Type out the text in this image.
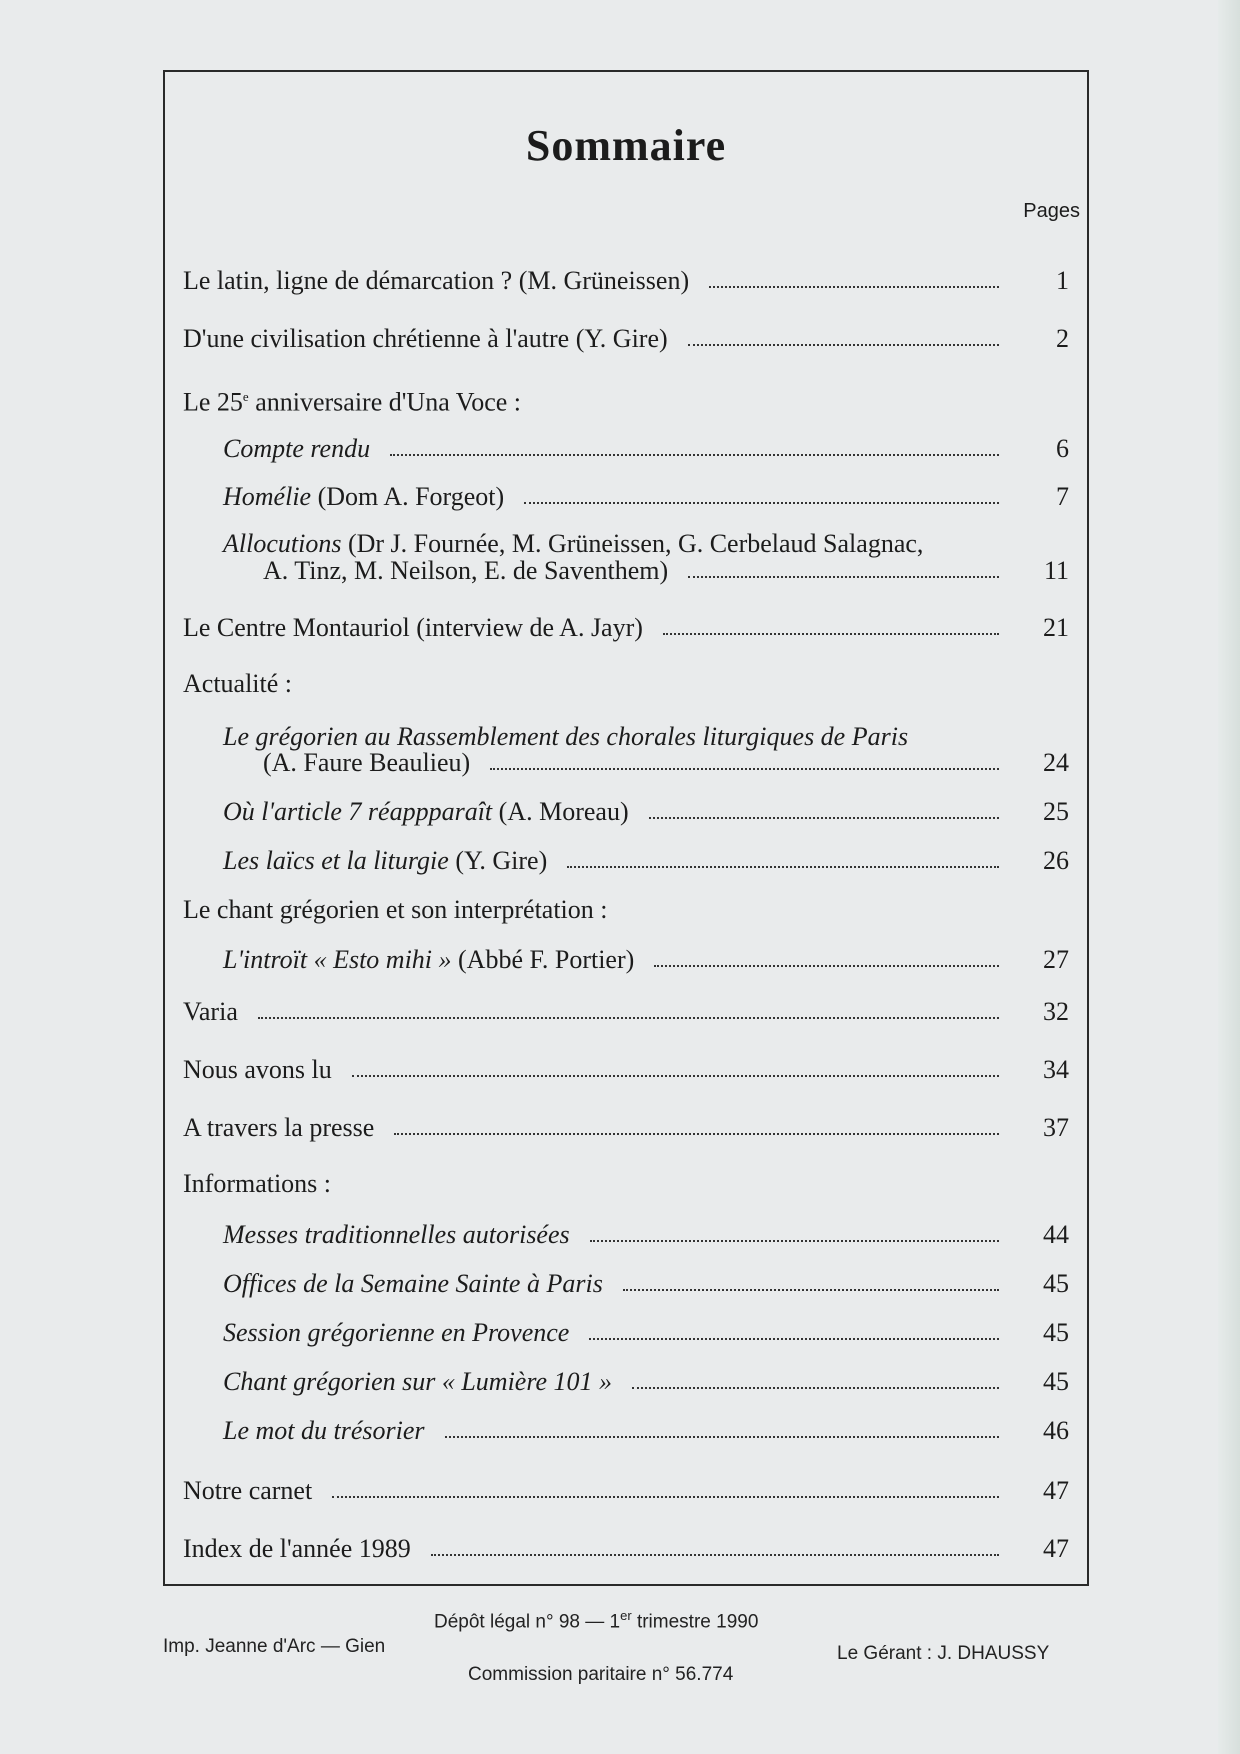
Sommaire
Pages
Le latin, ligne de démarcation ? (M. Grüneissen)	1
D'une civilisation chrétienne à l'autre (Y. Gire)	2
Le 25e anniversaire d'Una Voce :
Compte rendu	6
Homélie (Dom A. Forgeot)	7
Allocutions (Dr J. Fournée, M. Grüneissen, G. Cerbelaud Salagnac,
A. Tinz, M. Neilson, E. de Saventhem)	11
Le Centre Montauriol (interview de A. Jayr)	21
Actualité :
Le grégorien au Rassemblement des chorales liturgiques de Paris
(A. Faure Beaulieu)	24
Où l'article 7 réappparaît (A. Moreau)	25
Les laïcs et la liturgie (Y. Gire)	26
Le chant grégorien et son interprétation :
L'introït « Esto mihi » (Abbé F. Portier)	27
Varia	32
Nous avons lu	34
A travers la presse	37
Informations :
Messes traditionnelles autorisées	44
Offices de la Semaine Sainte à Paris	45
Session grégorienne en Provence	45
Chant grégorien sur « Lumière 101 »	45
Le mot du trésorier	46
Notre carnet	47
Index de l'année 1989	47
Dépôt légal n° 98 — 1er trimestre 1990
Imp. Jeanne d'Arc — Gien
Commission paritaire n° 56.774
Le Gérant : J. DHAUSSY
